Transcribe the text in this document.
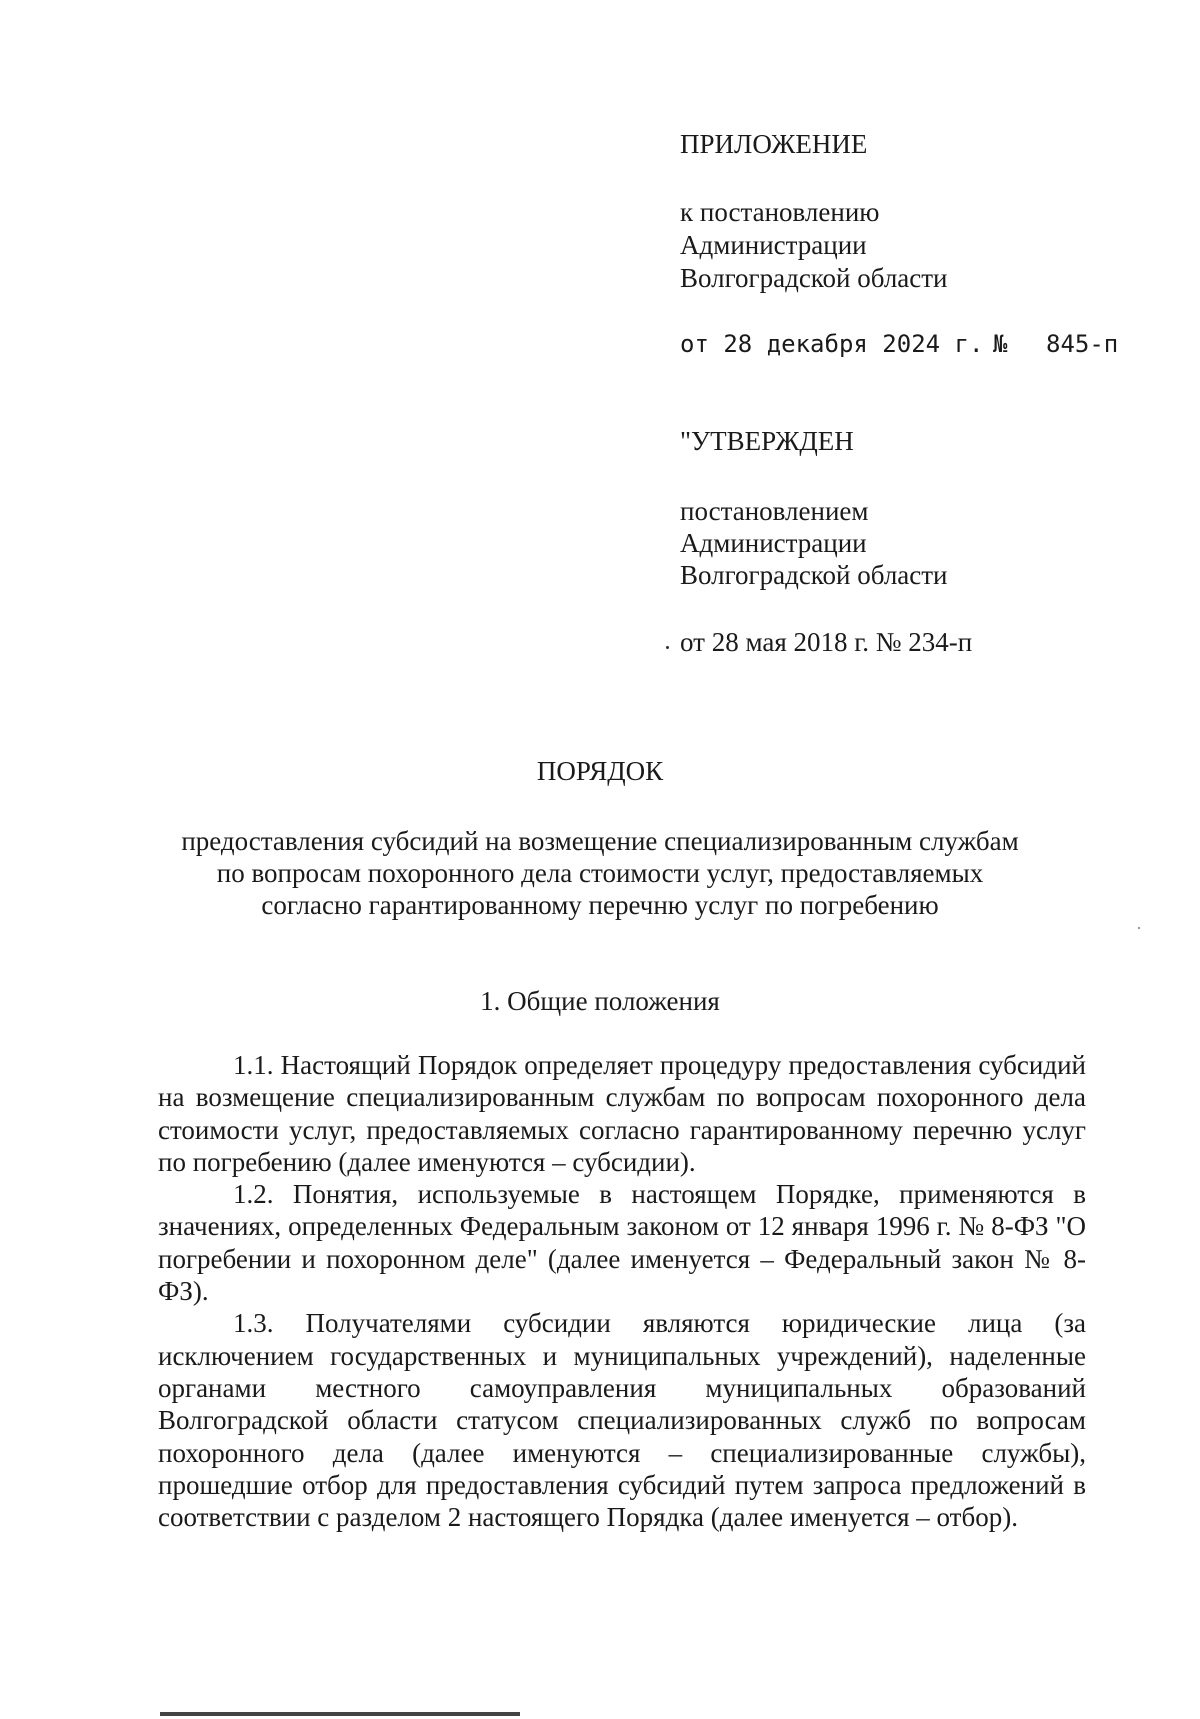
ПРИЛОЖЕНИЕ
к постановлению
Администрации
Волгоградской области
от 28 декабря 2024 г. № 845-п
"УТВЕРЖДЕН
постановлением
Администрации
Волгоградской области
от 28 мая 2018 г. № 234-п
ПОРЯДОК
предоставления субсидий на возмещение специализированным службам
по вопросам похоронного дела стоимости услуг, предоставляемых
согласно гарантированному перечню услуг по погребению
1. Общие положения

1.1. Настоящий Порядок определяет процедуру предоставления субсидий на возмещение специализированным службам по вопросам похоронного дела стоимости услуг, предоставляемых согласно гарантированному перечню услуг по погребению (далее именуются – субсидии).

1.2. Понятия, используемые в настоящем Порядке, применяются в значениях, определенных Федеральным законом от 12 января 1996 г. № 8-ФЗ "О погребении и похоронном деле" (далее именуется – Федеральный закон № 8-ФЗ).

1.3. Получателями субсидии являются юридические лица (за исключением государственных и муниципальных учреждений), наделенные органами местного самоуправления муниципальных образований Волгоградской области статусом специализированных служб по вопросам похоронного дела (далее именуются – специализированные службы), прошедшие отбор для предоставления субсидий путем запроса предложений в соответствии с разделом 2 настоящего Порядка (далее именуется – отбор).
